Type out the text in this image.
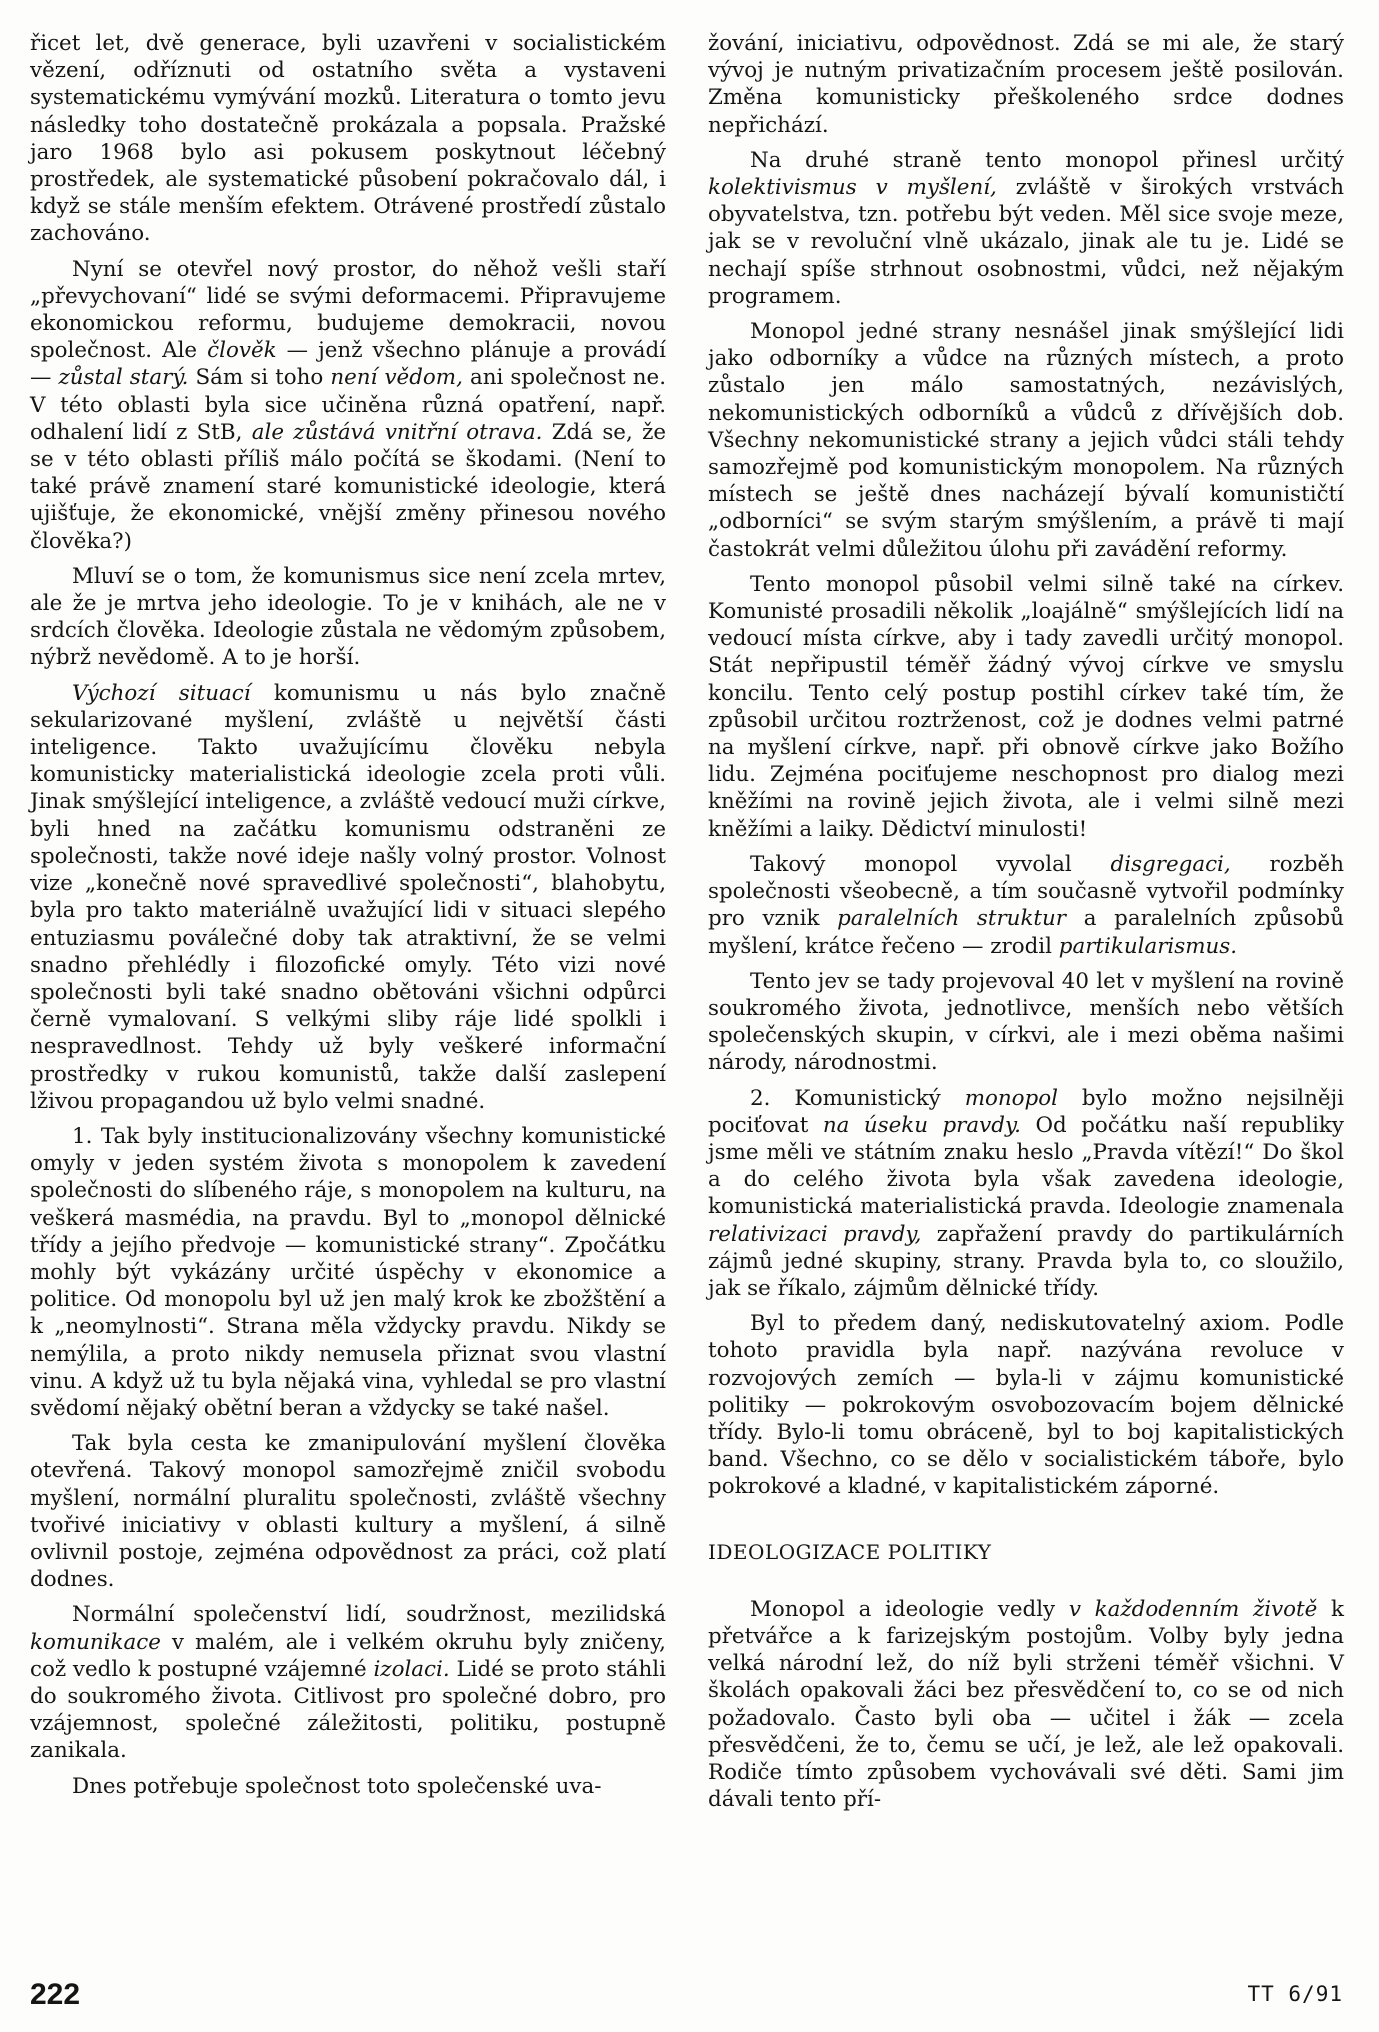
řicet let, dvě generace, byli uzavřeni v socialistickém vězení, odříznuti od ostatního světa a vystaveni systematickému vymývání mozků. Literatura o tomto jevu následky toho dostatečně prokázala a popsala. Pražské jaro 1968 bylo asi pokusem poskytnout léčebný prostředek, ale systematické působení pokračovalo dál, i když se stále menším efektem. Otrávené prostředí zůstalo zachováno.

Nyní se otevřel nový prostor, do něhož vešli staří „převychovaní“ lidé se svými deformacemi. Připravujeme ekonomickou reformu, budujeme demokracii, novou společnost. Ale člověk — jenž všechno plánuje a provádí — zůstal starý. Sám si toho není vědom, ani společnost ne. V této oblasti byla sice učiněna různá opatření, např. odhalení lidí z StB, ale zůstává vnitřní otrava. Zdá se, že se v této oblasti příliš málo počítá se škodami. (Není to také právě znamení staré komunistické ideologie, která ujišťuje, že ekonomické, vnější změny přinesou nového člověka?)

Mluví se o tom, že komunismus sice není zcela mrtev, ale že je mrtva jeho ideologie. To je v knihách, ale ne v srdcích člověka. Ideologie zůstala ne vědomým způsobem, nýbrž nevědomě. A to je horší.

Výchozí situací komunismu u nás bylo značně sekularizované myšlení, zvláště u největší části inteligence. Takto uvažujícímu člověku nebyla komunisticky materialistická ideologie zcela proti vůli. Jinak smýšlející inteligence, a zvláště vedoucí muži církve, byli hned na začátku komunismu odstraněni ze společnosti, takže nové ideje našly volný prostor. Volnost vize „konečně nové spravedlivé společnosti“, blahobytu, byla pro takto materiálně uvažující lidi v situaci slepého entuziasmu poválečné doby tak atraktivní, že se velmi snadno přehlédly i filozofické omyly. Této vizi nové společnosti byli také snadno obětováni všichni odpůrci černě vymalovaní. S velkými sliby ráje lidé spolkli i nespravedlnost. Tehdy už byly veškeré informační prostředky v rukou komunistů, takže další zaslepení lživou propagandou už bylo velmi snadné.

1. Tak byly institucionalizovány všechny komunistické omyly v jeden systém života s monopolem k zavedení společnosti do slíbeného ráje, s monopolem na kulturu, na veškerá masmédia, na pravdu. Byl to „monopol dělnické třídy a jejího předvoje — komunistické strany“. Zpočátku mohly být vykázány určité úspěchy v ekonomice a politice. Od monopolu byl už jen malý krok ke zbožštění a k „neomylnosti“. Strana měla vždycky pravdu. Nikdy se nemýlila, a proto nikdy nemusela přiznat svou vlastní vinu. A když už tu byla nějaká vina, vyhledal se pro vlastní svědomí nějaký obětní beran a vždycky se také našel.

Tak byla cesta ke zmanipulování myšlení člověka otevřená. Takový monopol samozřejmě zničil svobodu myšlení, normální pluralitu společnosti, zvláště všechny tvořivé iniciativy v oblasti kultury a myšlení, á silně ovlivnil postoje, zejména odpovědnost za práci, což platí dodnes.

Normální společenství lidí, soudržnost, mezilidská komunikace v malém, ale i velkém okruhu byly zničeny, což vedlo k postupné vzájemné izolaci. Lidé se proto stáhli do soukromého života. Citlivost pro společné dobro, pro vzájemnost, společné záležitosti, politiku, postupně zanikala.

Dnes potřebuje společnost toto společenské uva-

žování, iniciativu, odpovědnost. Zdá se mi ale, že starý vývoj je nutným privatizačním procesem ještě posilován. Změna komunisticky přeškoleného srdce dodnes nepřichází.

Na druhé straně tento monopol přinesl určitý kolektivismus v myšlení, zvláště v širokých vrstvách obyvatelstva, tzn. potřebu být veden. Měl sice svoje meze, jak se v revoluční vlně ukázalo, jinak ale tu je. Lidé se nechají spíše strhnout osobnostmi, vůdci, než nějakým programem.

Monopol jedné strany nesnášel jinak smýšlející lidi jako odborníky a vůdce na různých místech, a proto zůstalo jen málo samostatných, nezávislých, nekomunistických odborníků a vůdců z dřívějších dob. Všechny nekomunistické strany a jejich vůdci stáli tehdy samozřejmě pod komunistickým monopolem. Na různých místech se ještě dnes nacházejí bývalí komunističtí „odborníci“ se svým starým smýšlením, a právě ti mají častokrát velmi důležitou úlohu při zavádění reformy.

Tento monopol působil velmi silně také na církev. Komunisté prosadili několik „loajálně“ smýšlejících lidí na vedoucí místa církve, aby i tady zavedli určitý monopol. Stát nepřipustil téměř žádný vývoj církve ve smyslu koncilu. Tento celý postup postihl církev také tím, že způsobil určitou roztrženost, což je dodnes velmi patrné na myšlení církve, např. při obnově církve jako Božího lidu. Zejména pociťujeme neschopnost pro dialog mezi kněžími na rovině jejich života, ale i velmi silně mezi kněžími a laiky. Dědictví minulosti!

Takový monopol vyvolal disgregaci, rozběh společnosti všeobecně, a tím současně vytvořil podmínky pro vznik paralelních struktur a paralelních způsobů myšlení, krátce řečeno — zrodil partikularismus.

Tento jev se tady projevoval 40 let v myšlení na rovině soukromého života, jednotlivce, menších nebo větších společenských skupin, v církvi, ale i mezi oběma našimi národy, národnostmi.

2. Komunistický monopol bylo možno nejsilněji pociťovat na úseku pravdy. Od počátku naší republiky jsme měli ve státním znaku heslo „Pravda vítězí!“ Do škol a do celého života byla však zavedena ideologie, komunistická materialistická pravda. Ideologie znamenala relativizaci pravdy, zapřažení pravdy do partikulárních zájmů jedné skupiny, strany. Pravda byla to, co sloužilo, jak se říkalo, zájmům dělnické třídy.

Byl to předem daný, nediskutovatelný axiom. Podle tohoto pravidla byla např. nazývána revoluce v rozvojových zemích — byla-li v zájmu komunistické politiky — pokrokovým osvobozovacím bojem dělnické třídy. Bylo-li tomu obráceně, byl to boj kapitalistických band. Všechno, co se dělo v socialistickém táboře, bylo pokrokové a kladné, v kapitalistickém záporné.

IDEOLOGIZACE POLITIKY

Monopol a ideologie vedly v každodenním životě k přetvářce a k farizejským postojům. Volby byly jedna velká národní lež, do níž byli strženi téměř všichni. V školách opakovali žáci bez přesvědčení to, co se od nich požadovalo. Často byli oba — učitel i žák — zcela přesvědčeni, že to, čemu se učí, je lež, ale lež opakovali. Rodiče tímto způsobem vychovávali své děti. Sami jim dávali tento pří-

222	TT 6/91
